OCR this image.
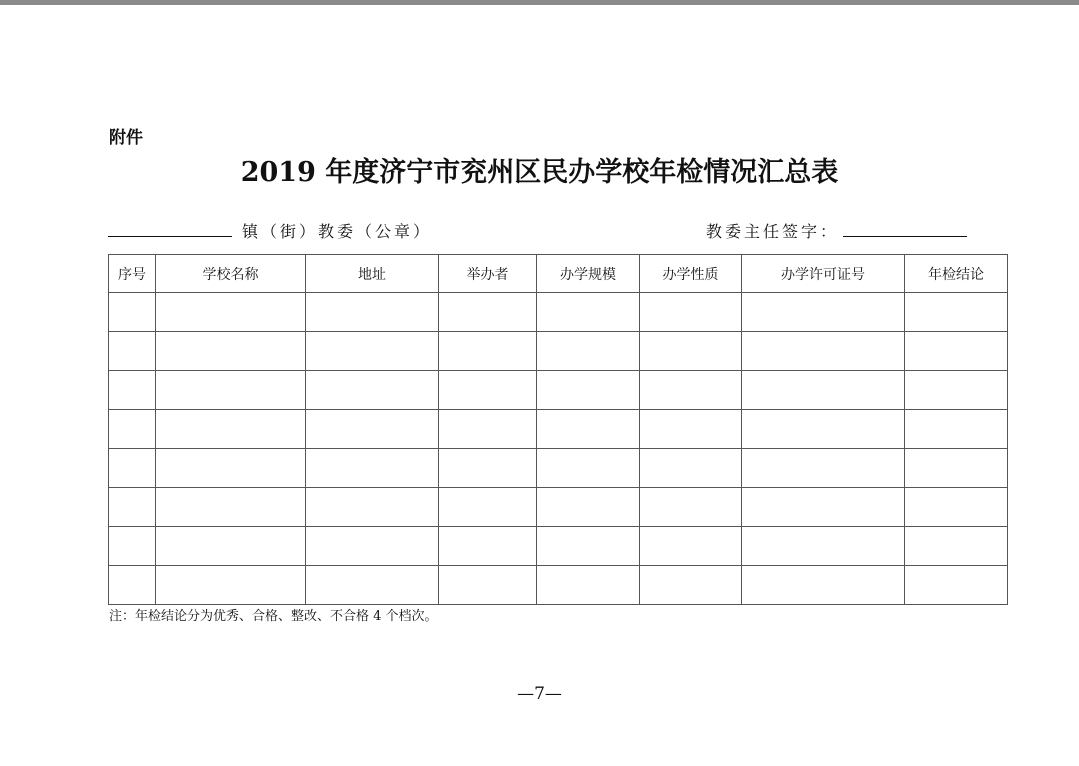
附件
2019 年度济宁市兖州区民办学校年检情况汇总表
镇（街）教委（公章）	教委主任签字：
序号	学校名称	地址	举办者	办学规模	办学性质	办学许可证号	年检结论

注：年检结论分为优秀、合格、整改、不合格 4 个档次。
—7—
